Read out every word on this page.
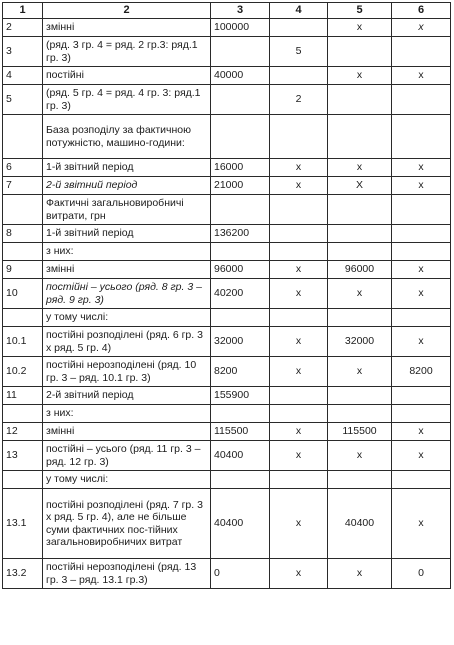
1	2	3	4	5	6
2	змінні	100000		х	х
3	(ряд. 3 гр. 4 = ряд. 2 гр.3: ряд.1 гр. 3)		5		
4	постійні	40000		х	х
5	(ряд. 5 гр. 4 = ряд. 4 гр. 3: ряд.1 гр. 3)		2		
	База розподілу за фактичною потужністю, машино-години:				
6	1-й звітний період	16000	х	х	х
7	2-й звітний період	21000	х	Х	х
	Фактичні загальновиробничі витрати, грн				
8	1-й звітний період	136200			
	з них:				
9	змінні	96000	х	96000	х
10	постійні – усього (ряд. 8 гр. 3 – ряд. 9 гр. 3)	40200	х	х	х
	у тому числі:				
10.1	постійні розподілені (ряд. 6 гр. 3 х ряд. 5 гр. 4)	32000	х	32000	х
10.2	постійні нерозподілені (ряд. 10 гр. 3 – ряд. 10.1 гр. 3)	8200	х	х	8200
11	2-й звітний період	155900			
	з них:				
12	змінні	115500	х	115500	х
13	постійні – усього (ряд. 11 гр. 3 – ряд. 12 гр. 3)	40400	х	х	х
	у тому числі:				
13.1	постійні розподілені (ряд. 7 гр. 3 х ряд. 5 гр. 4), але не більше суми фактичних пос-тійних загальновиробничих витрат	40400	х	40400	х
13.2	постійні нерозподілені (ряд. 13 гр. 3 – ряд. 13.1 гр.3)	0	х	х	0
